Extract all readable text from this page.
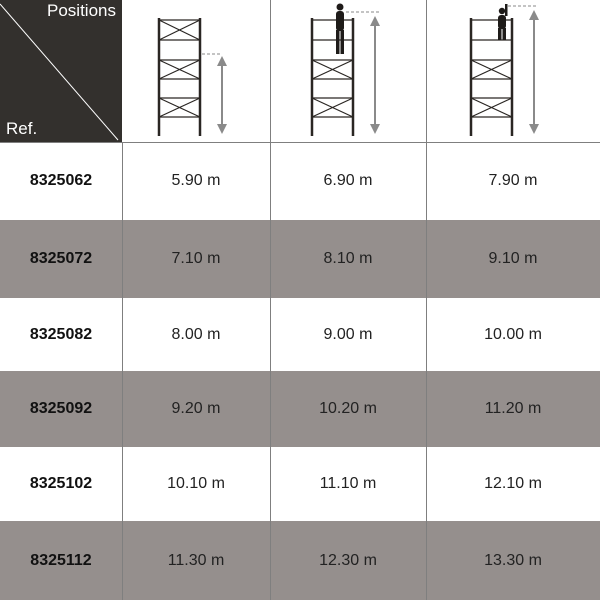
Positions
Ref.
8325062	5.90 m	6.90 m	7.90 m
8325072	7.10 m	8.10 m	9.10 m
8325082	8.00 m	9.00 m	10.00 m
8325092	9.20 m	10.20 m	11.20 m
8325102	10.10 m	11.10 m	12.10 m
8325112	11.30 m	12.30 m	13.30 m
